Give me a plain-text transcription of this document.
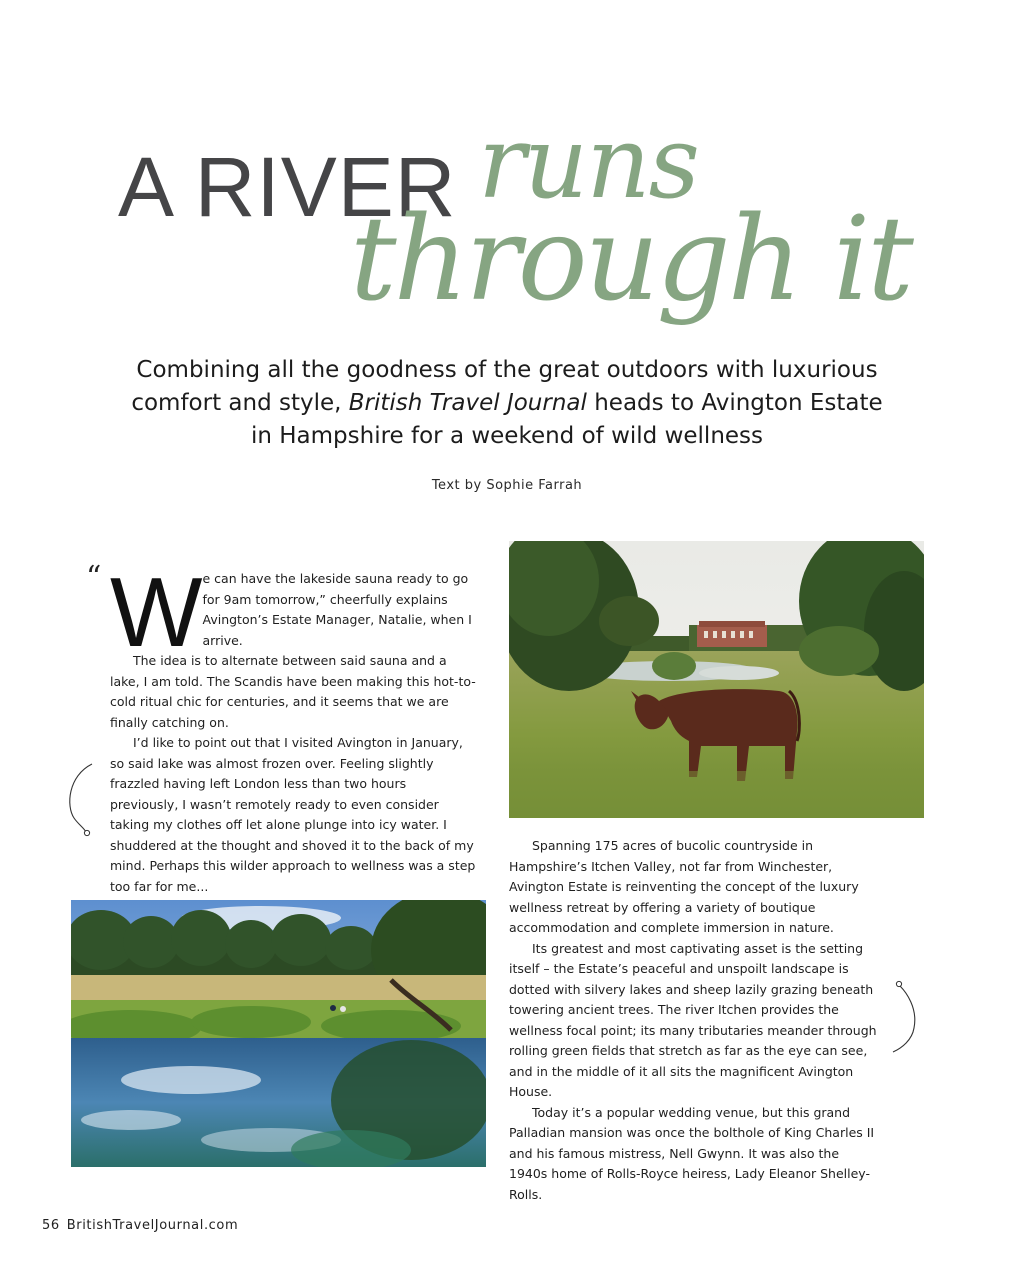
A RIVER runs
through it
Combining all the goodness of the great outdoors with luxurious comfort and style, British Travel Journal heads to Avington Estate in Hampshire for a weekend of wild wellness
Text by Sophie Farrah
“ We can have the lakeside sauna ready to go for 9am tomorrow,” cheerfully explains Avington’s Estate Manager, Natalie, when I arrive.

The idea is to alternate between said sauna and a lake, I am told. The Scandis have been making this hot-to-cold ritual chic for centuries, and it seems that we are finally catching on.

I’d like to point out that I visited Avington in January, so said lake was almost frozen over. Feeling slightly frazzled having left London less than two hours previously, I wasn’t remotely ready to even consider taking my clothes off let alone plunge into icy water. I shuddered at the thought and shoved it to the back of my mind. Perhaps this wilder approach to wellness was a step too far for me...

Spanning 175 acres of bucolic countryside in Hampshire’s Itchen Valley, not far from Winchester, Avington Estate is reinventing the concept of the luxury wellness retreat by offering a variety of boutique accommodation and complete immersion in nature.

Its greatest and most captivating asset is the setting itself – the Estate’s peaceful and unspoilt landscape is dotted with silvery lakes and sheep lazily grazing beneath towering ancient trees. The river Itchen provides the wellness focal point; its many tributaries meander through rolling green fields that stretch as far as the eye can see, and in the middle of it all sits the magnificent Avington House.

Today it’s a popular wedding venue, but this grand Palladian mansion was once the bolthole of King Charles II and his famous mistress, Nell Gwynn. It was also the 1940s home of Rolls-Royce heiress, Lady Eleanor Shelley-Rolls.

56 BritishTravelJournal.com
